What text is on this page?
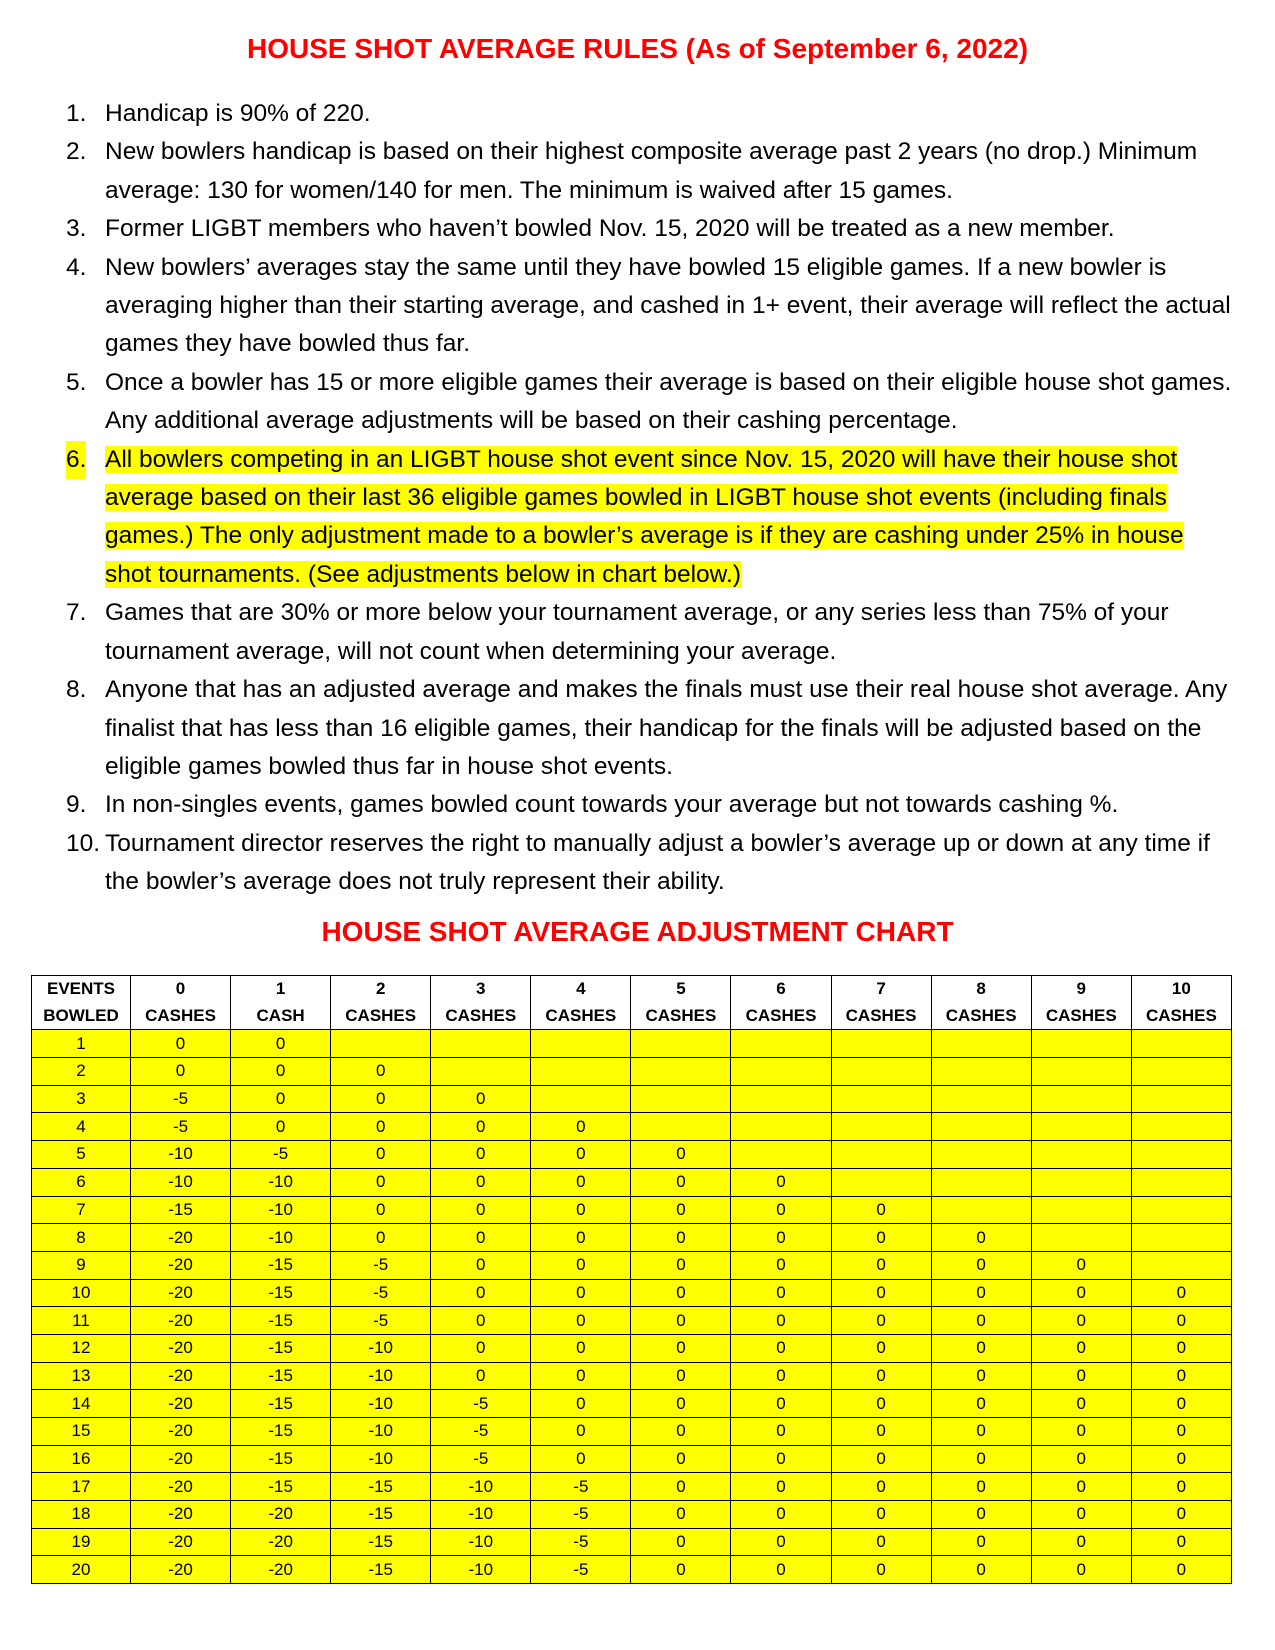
HOUSE SHOT AVERAGE RULES (As of September 6, 2022)
1. Handicap is 90% of 220.
2. New bowlers handicap is based on their highest composite average past 2 years (no drop.) Minimum average: 130 for women/140 for men. The minimum is waived after 15 games.
3. Former LIGBT members who haven’t bowled Nov. 15, 2020 will be treated as a new member.
4. New bowlers’ averages stay the same until they have bowled 15 eligible games. If a new bowler is averaging higher than their starting average, and cashed in 1+ event, their average will reflect the actual games they have bowled thus far.
5. Once a bowler has 15 or more eligible games their average is based on their eligible house shot games. Any additional average adjustments will be based on their cashing percentage.
6. All bowlers competing in an LIGBT house shot event since Nov. 15, 2020 will have their house shot average based on their last 36 eligible games bowled in LIGBT house shot events (including finals games.) The only adjustment made to a bowler’s average is if they are cashing under 25% in house shot tournaments. (See adjustments below in chart below.)
7. Games that are 30% or more below your tournament average, or any series less than 75% of your tournament average, will not count when determining your average.
8. Anyone that has an adjusted average and makes the finals must use their real house shot average. Any finalist that has less than 16 eligible games, their handicap for the finals will be adjusted based on the eligible games bowled thus far in house shot events.
9. In non-singles events, games bowled count towards your average but not towards cashing %.
10. Tournament director reserves the right to manually adjust a bowler’s average up or down at any time if the bowler’s average does not truly represent their ability.
HOUSE SHOT AVERAGE ADJUSTMENT CHART
EVENTS	0	1	2	3	4	5	6	7	8	9	10
BOWLED	CASHES	CASH	CASHES	CASHES	CASHES	CASHES	CASHES	CASHES	CASHES	CASHES	CASHES
1	0	0									
2	0	0	0								
3	-5	0	0	0							
4	-5	0	0	0	0						
5	-10	-5	0	0	0	0					
6	-10	-10	0	0	0	0	0				
7	-15	-10	0	0	0	0	0	0			
8	-20	-10	0	0	0	0	0	0	0		
9	-20	-15	-5	0	0	0	0	0	0	0	
10	-20	-15	-5	0	0	0	0	0	0	0	0
11	-20	-15	-5	0	0	0	0	0	0	0	0
12	-20	-15	-10	0	0	0	0	0	0	0	0
13	-20	-15	-10	0	0	0	0	0	0	0	0
14	-20	-15	-10	-5	0	0	0	0	0	0	0
15	-20	-15	-10	-5	0	0	0	0	0	0	0
16	-20	-15	-10	-5	0	0	0	0	0	0	0
17	-20	-15	-15	-10	-5	0	0	0	0	0	0
18	-20	-20	-15	-10	-5	0	0	0	0	0	0
19	-20	-20	-15	-10	-5	0	0	0	0	0	0
20	-20	-20	-15	-10	-5	0	0	0	0	0	0
